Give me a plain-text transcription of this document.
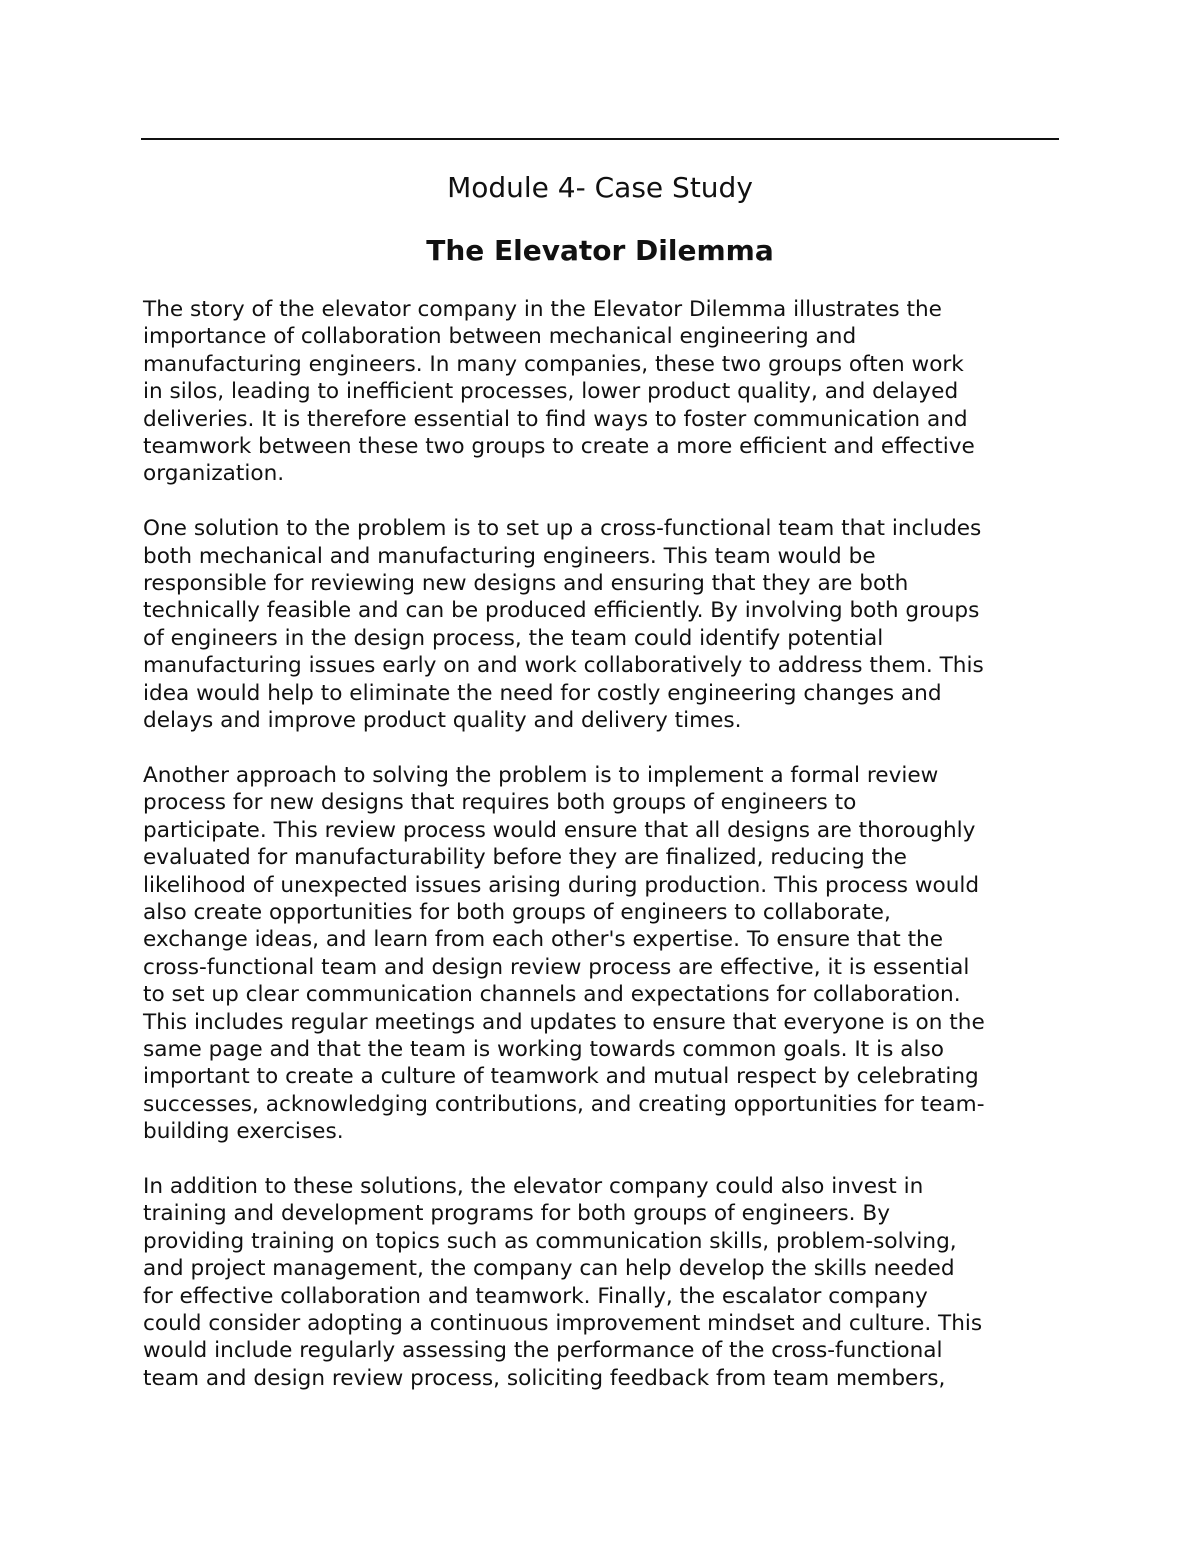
Module 4- Case Study
The Elevator Dilemma

The story of the elevator company in the Elevator Dilemma illustrates the
importance of collaboration between mechanical engineering and
manufacturing engineers. In many companies, these two groups often work
in silos, leading to inefficient processes, lower product quality, and delayed
deliveries. It is therefore essential to find ways to foster communication and
teamwork between these two groups to create a more efficient and effective
organization.

One solution to the problem is to set up a cross-functional team that includes
both mechanical and manufacturing engineers. This team would be
responsible for reviewing new designs and ensuring that they are both
technically feasible and can be produced efficiently. By involving both groups
of engineers in the design process, the team could identify potential
manufacturing issues early on and work collaboratively to address them. This
idea would help to eliminate the need for costly engineering changes and
delays and improve product quality and delivery times.

Another approach to solving the problem is to implement a formal review
process for new designs that requires both groups of engineers to
participate. This review process would ensure that all designs are thoroughly
evaluated for manufacturability before they are finalized, reducing the
likelihood of unexpected issues arising during production. This process would
also create opportunities for both groups of engineers to collaborate,
exchange ideas, and learn from each other's expertise. To ensure that the
cross-functional team and design review process are effective, it is essential
to set up clear communication channels and expectations for collaboration.
This includes regular meetings and updates to ensure that everyone is on the
same page and that the team is working towards common goals. It is also
important to create a culture of teamwork and mutual respect by celebrating
successes, acknowledging contributions, and creating opportunities for team-
building exercises.

In addition to these solutions, the elevator company could also invest in
training and development programs for both groups of engineers. By
providing training on topics such as communication skills, problem-solving,
and project management, the company can help develop the skills needed
for effective collaboration and teamwork. Finally, the escalator company
could consider adopting a continuous improvement mindset and culture. This
would include regularly assessing the performance of the cross-functional
team and design review process, soliciting feedback from team members,
